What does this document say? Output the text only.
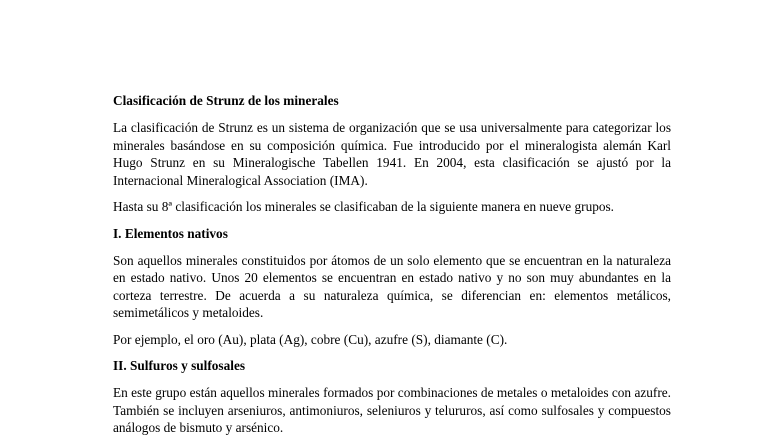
Clasificación de Strunz de los minerales

La clasificación de Strunz es un sistema de organización que se usa universalmente para categorizar los minerales basándose en su composición química. Fue introducido por el mineralogista alemán Karl Hugo Strunz en su Mineralogische Tabellen 1941. En 2004, esta clasificación se ajustó por la Internacional Mineralogical Association (IMA).

Hasta su 8ª clasificación los minerales se clasificaban de la siguiente manera en nueve grupos.

I. Elementos nativos

Son aquellos minerales constituidos por átomos de un solo elemento que se encuentran en la naturaleza en estado nativo. Unos 20 elementos se encuentran en estado nativo y no son muy abundantes en la corteza terrestre. De acuerda a su naturaleza química, se diferencian en: elementos metálicos, semimetálicos y metaloides.

Por ejemplo, el oro (Au), plata (Ag), cobre (Cu), azufre (S), diamante (C).

II. Sulfuros y sulfosales

En este grupo están aquellos minerales formados por combinaciones de metales o metaloides con azufre. También se incluyen arseniuros, antimoniuros, seleniuros y telururos, así como sulfosales y compuestos análogos de bismuto y arsénico.
